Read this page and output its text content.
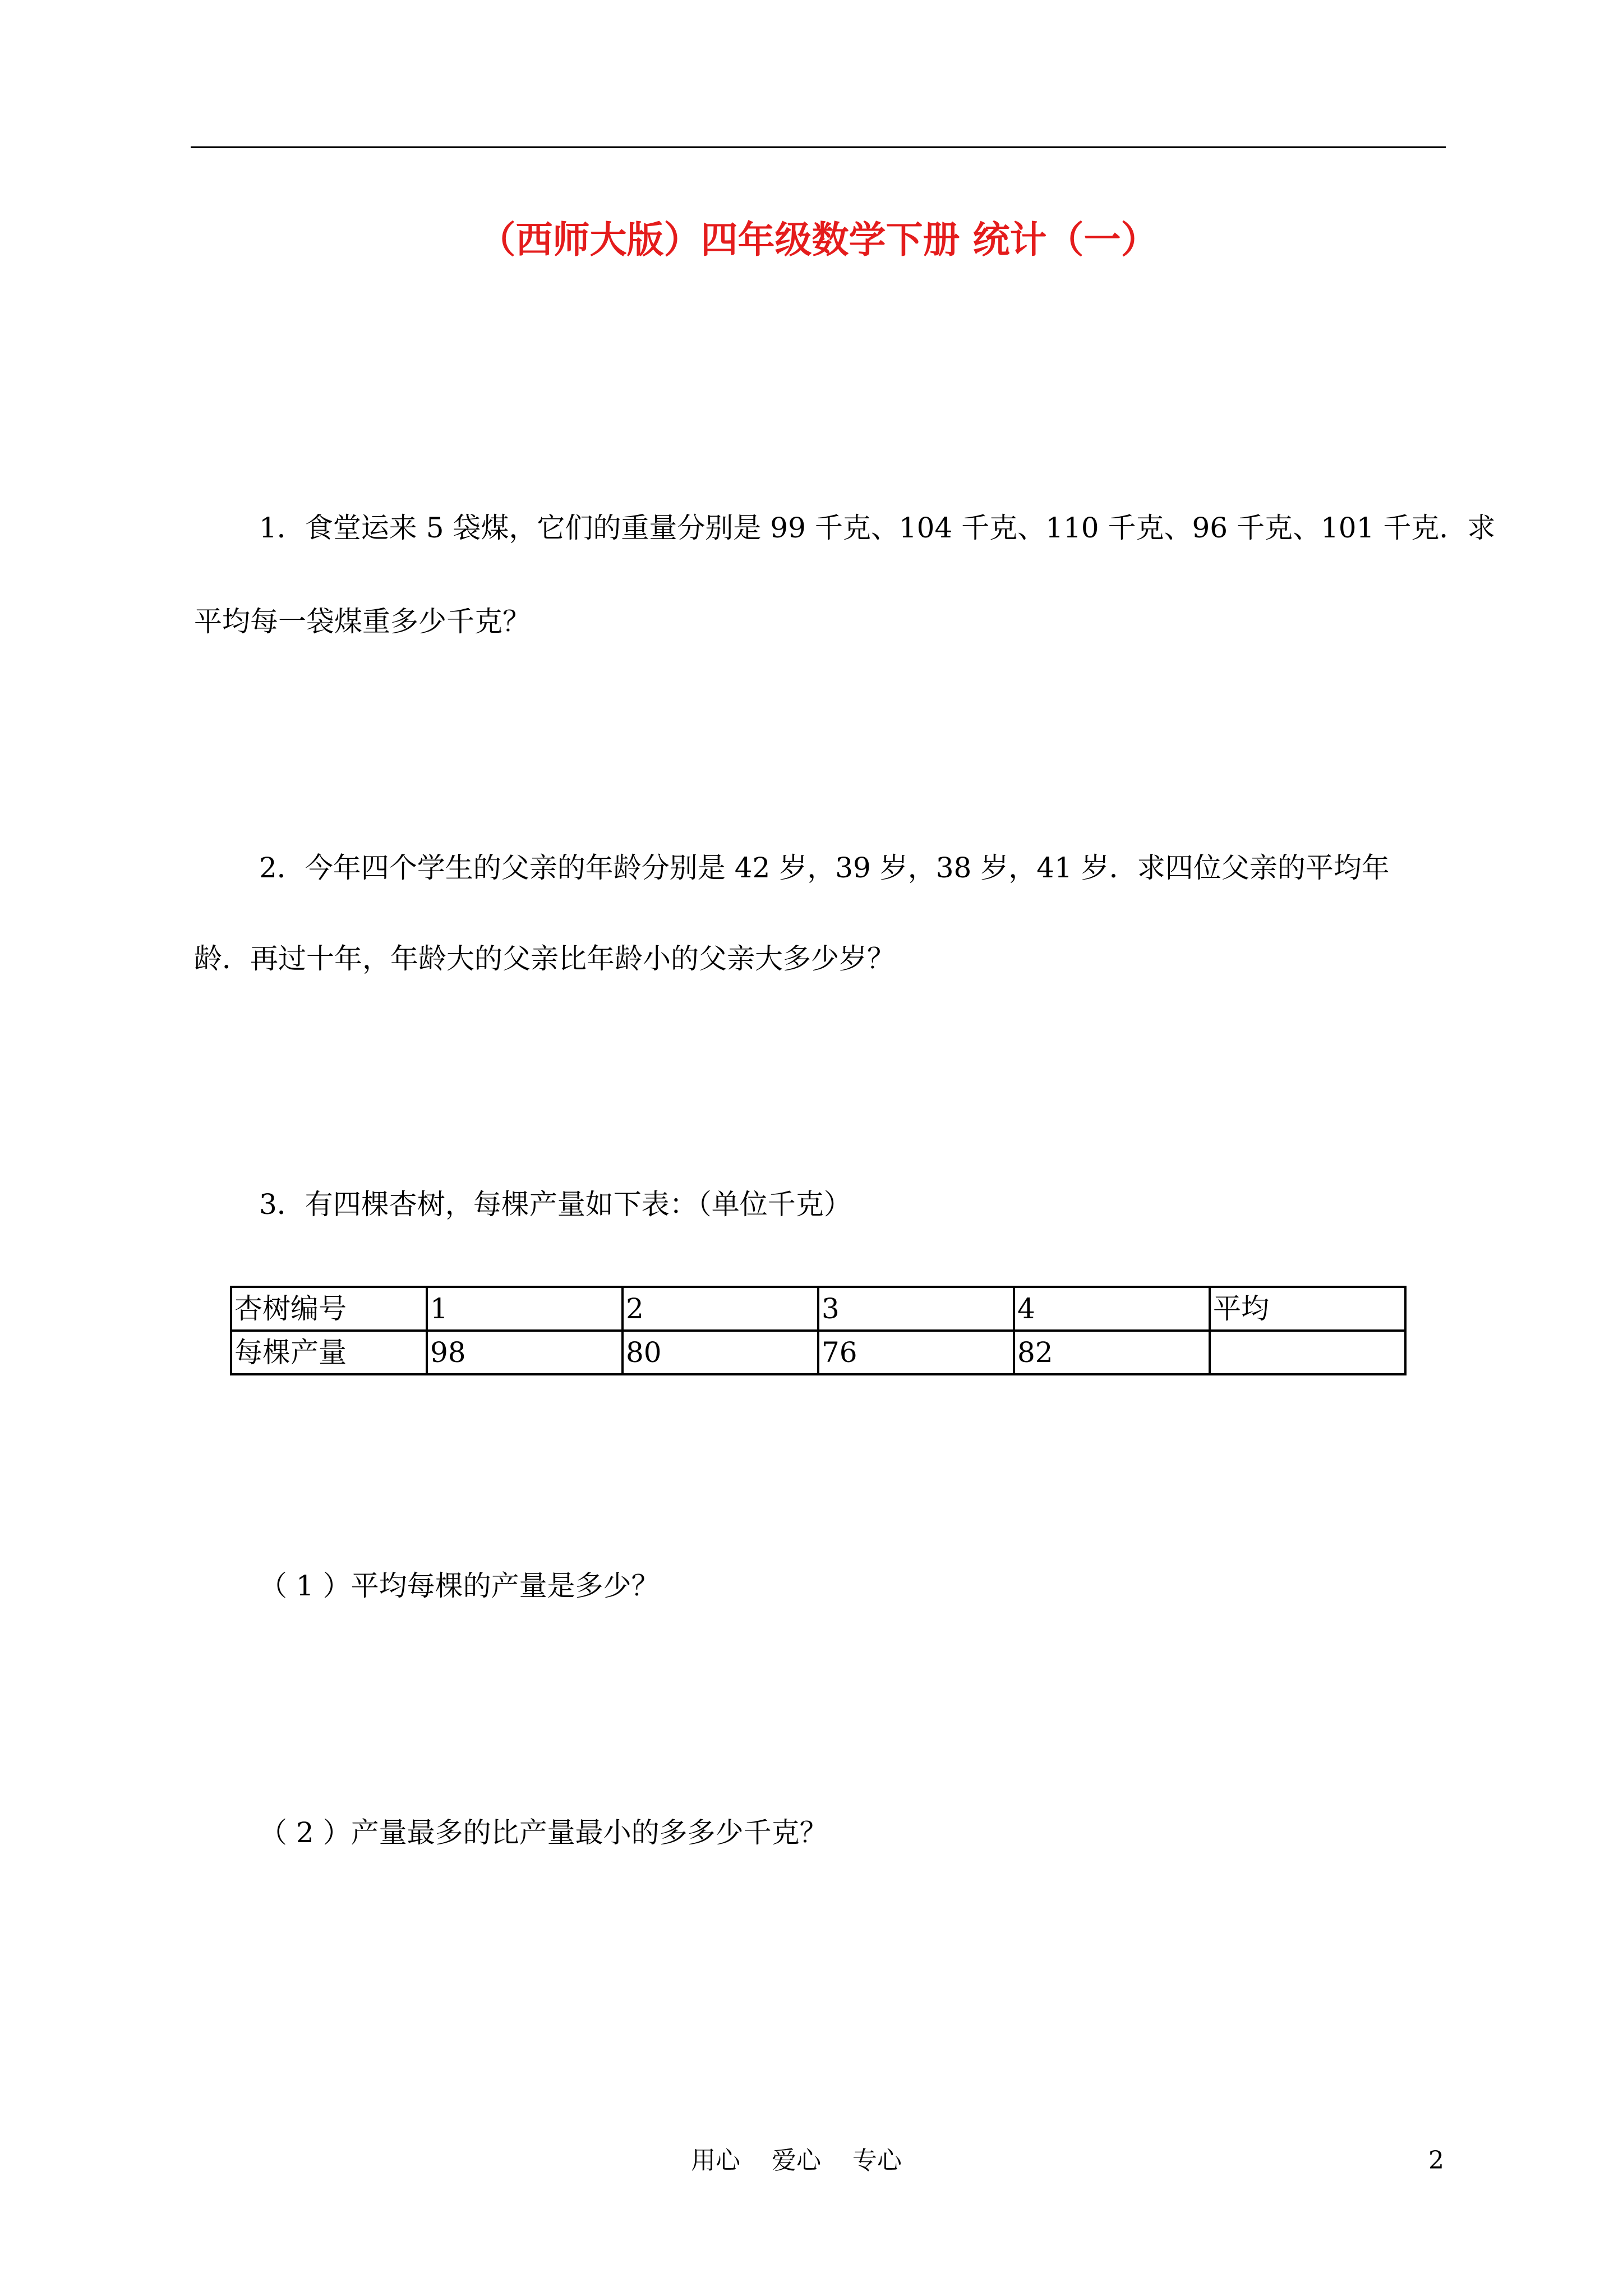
（西师大版）四年级数学下册 统计（一）
1．食堂运来 5 袋煤，它们的重量分别是 99 千克、104 千克、110 千克、96 千克、101 千克．求
平均每一袋煤重多少千克？
2．今年四个学生的父亲的年龄分别是 42 岁，39 岁，38 岁，41 岁．求四位父亲的平均年
龄．再过十年，年龄大的父亲比年龄小的父亲大多少岁？
3．有四棵杏树，每棵产量如下表：（单位千克）
杏树编号	1	2	3	4	平均
每棵产量	98	80	76	82	
（ 1 ）平均每棵的产量是多少？
（ 2 ）产量最多的比产量最小的多多少千克？
用心    爱心    专心	2
